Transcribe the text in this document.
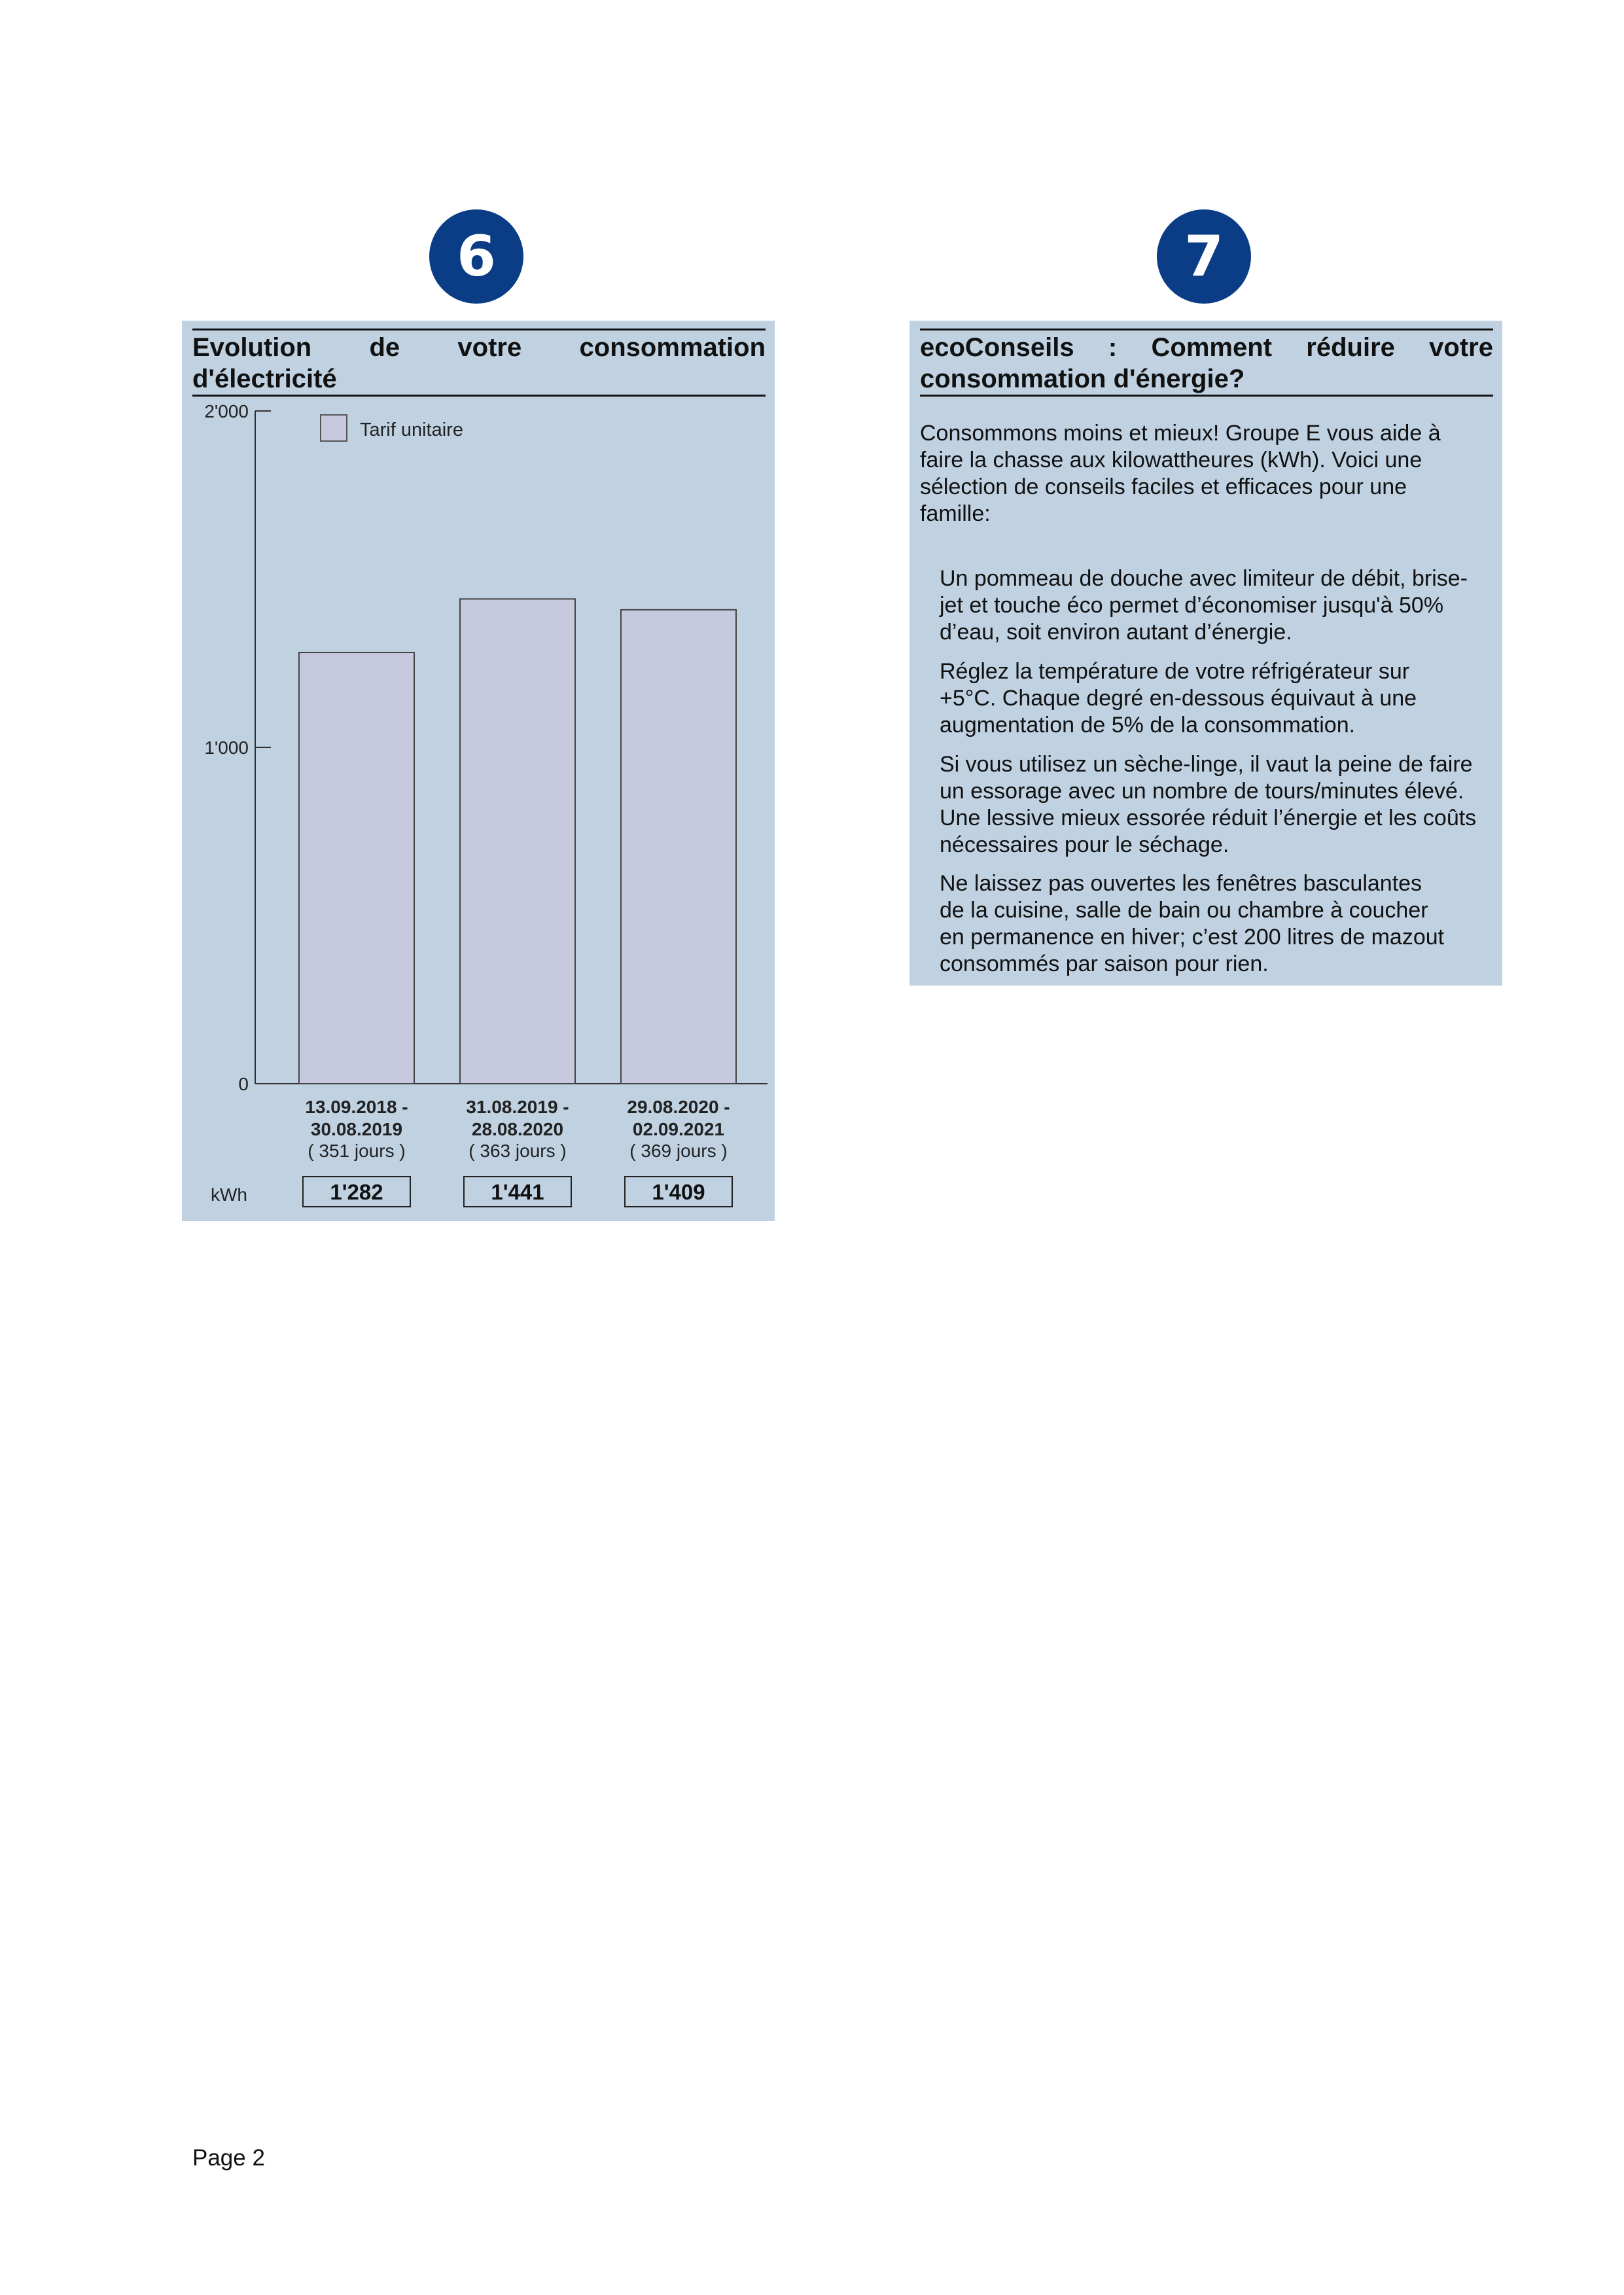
6	7
Evolution de votre consommation d'électricité
0
1'000
2'000
Tarif unitaire
13.09.2018 -
30.08.2019
( 351 jours )
1'282
31.08.2019 -
28.08.2020
( 363 jours )
1'441
29.08.2020 -
02.09.2021
( 369 jours )
1'409
kWh
ecoConseils : Comment réduire votre consommation d'énergie?
Consommons moins et mieux! Groupe E vous aide à
faire la chasse aux kilowattheures (kWh). Voici une
sélection de conseils faciles et efficaces pour une
famille:
Un pommeau de douche avec limiteur de débit, brise-
jet et touche éco permet d’économiser jusqu'à 50%
d’eau, soit environ autant d’énergie.
Réglez la température de votre réfrigérateur sur
+5°C. Chaque degré en-dessous équivaut à une
augmentation de 5% de la consommation.
Si vous utilisez un sèche-linge, il vaut la peine de faire
un essorage avec un nombre de tours/minutes élevé.
Une lessive mieux essorée réduit l’énergie et les coûts
nécessaires pour le séchage.
Ne laissez pas ouvertes les fenêtres basculantes
de la cuisine, salle de bain ou chambre à coucher
en permanence en hiver; c’est 200 litres de mazout
consommés par saison pour rien.
Page 2
